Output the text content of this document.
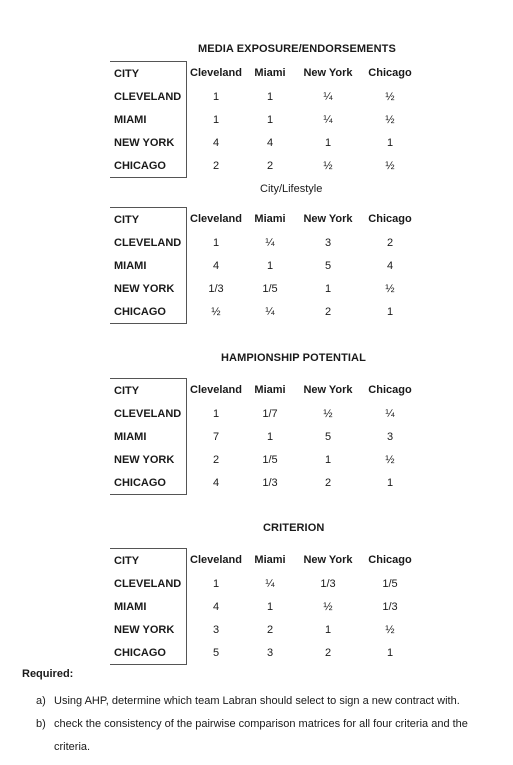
MEDIA EXPOSURE/ENDORSEMENTS
CITY	Cleveland	Miami	New York	Chicago
CLEVELAND	1	1	¼	½
MIAMI	1	1	¼	½
NEW YORK	4	4	1	1
CHICAGO	2	2	½	½
City/Lifestyle
CITY	Cleveland	Miami	New York	Chicago
CLEVELAND	1	¼	3	2
MIAMI	4	1	5	4
NEW YORK	1/3	1/5	1	½
CHICAGO	½	¼	2	1
HAMPIONSHIP POTENTIAL
CITY	Cleveland	Miami	New York	Chicago
CLEVELAND	1	1/7	½	¼
MIAMI	7	1	5	3
NEW YORK	2	1/5	1	½
CHICAGO	4	1/3	2	1
CRITERION
CITY	Cleveland	Miami	New York	Chicago
CLEVELAND	1	¼	1/3	1/5
MIAMI	4	1	½	1/3
NEW YORK	3	2	1	½
CHICAGO	5	3	2	1
Required:
a) Using AHP, determine which team Labran should select to sign a new contract with.
b) check the consistency of the pairwise comparison matrices for all four criteria and the criteria.
